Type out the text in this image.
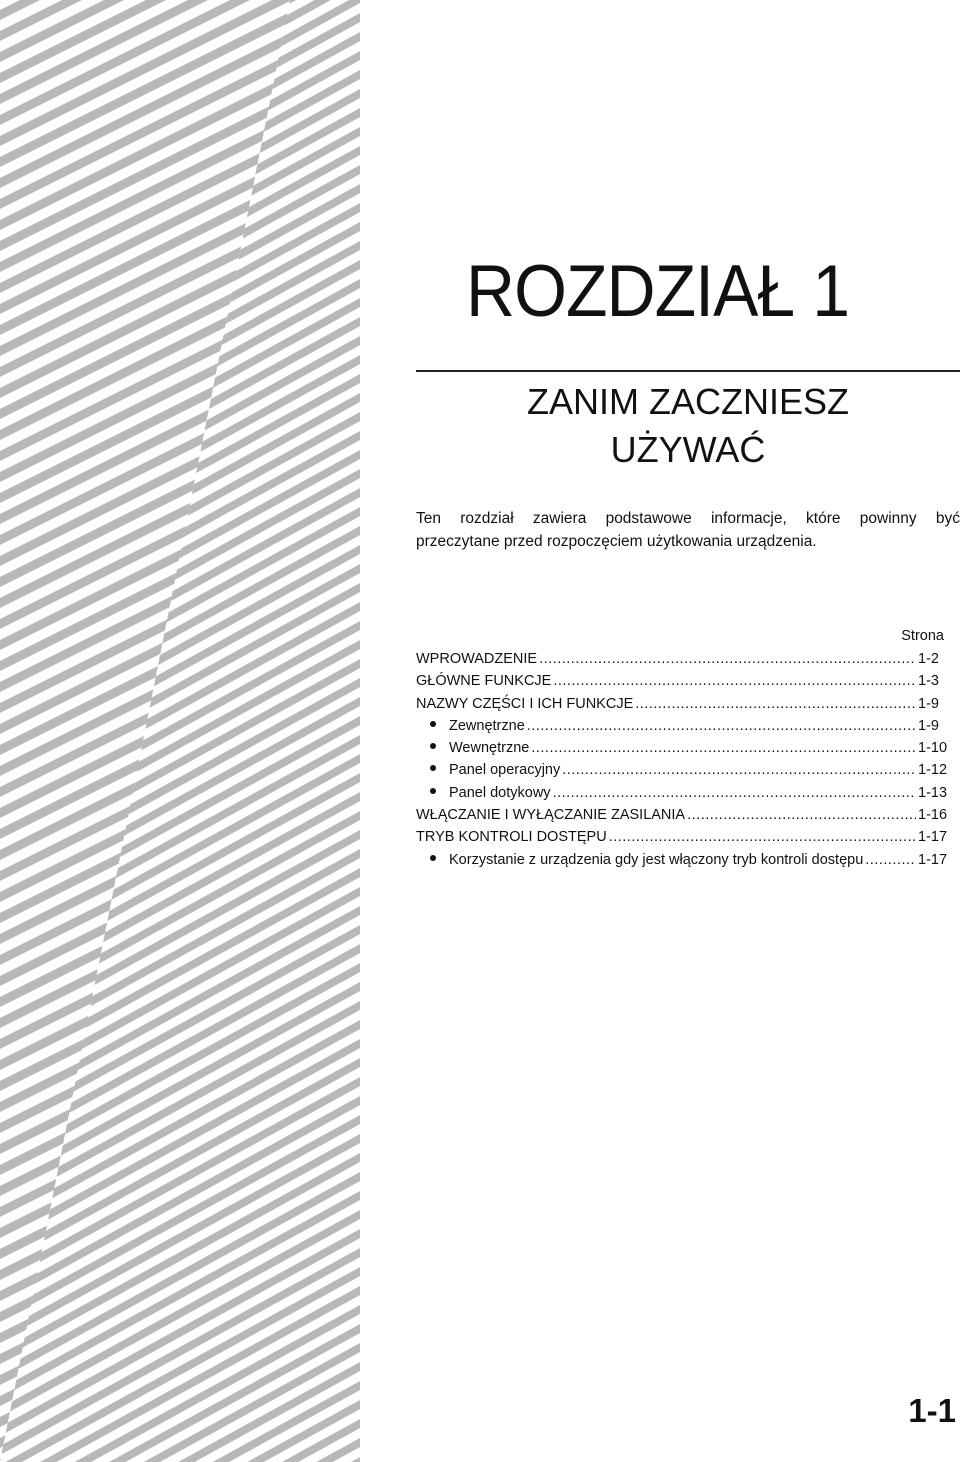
ROZDZIAŁ 1
ZANIM ZACZNIESZ
UŻYWAĆ

Ten rozdział zawiera podstawowe informacje, które powinny być
przeczytane przed rozpoczęciem użytkowania urządzenia.

Strona
WPROWADZENIE .....	1-2
GŁÓWNE FUNKCJE .....	1-3
NAZWY CZĘŚCI I ICH FUNKCJE .....	1-9
Zewnętrzne .....	1-9
Wewnętrzne .....	1-10
Panel operacyjny .....	1-12
Panel dotykowy .....	1-13
WŁĄCZANIE I WYŁĄCZANIE ZASILANIA .....	1-16
TRYB KONTROLI DOSTĘPU .....	1-17
Korzystanie z urządzenia gdy jest włączony tryb kontroli dostępu .....	1-17

1-1
